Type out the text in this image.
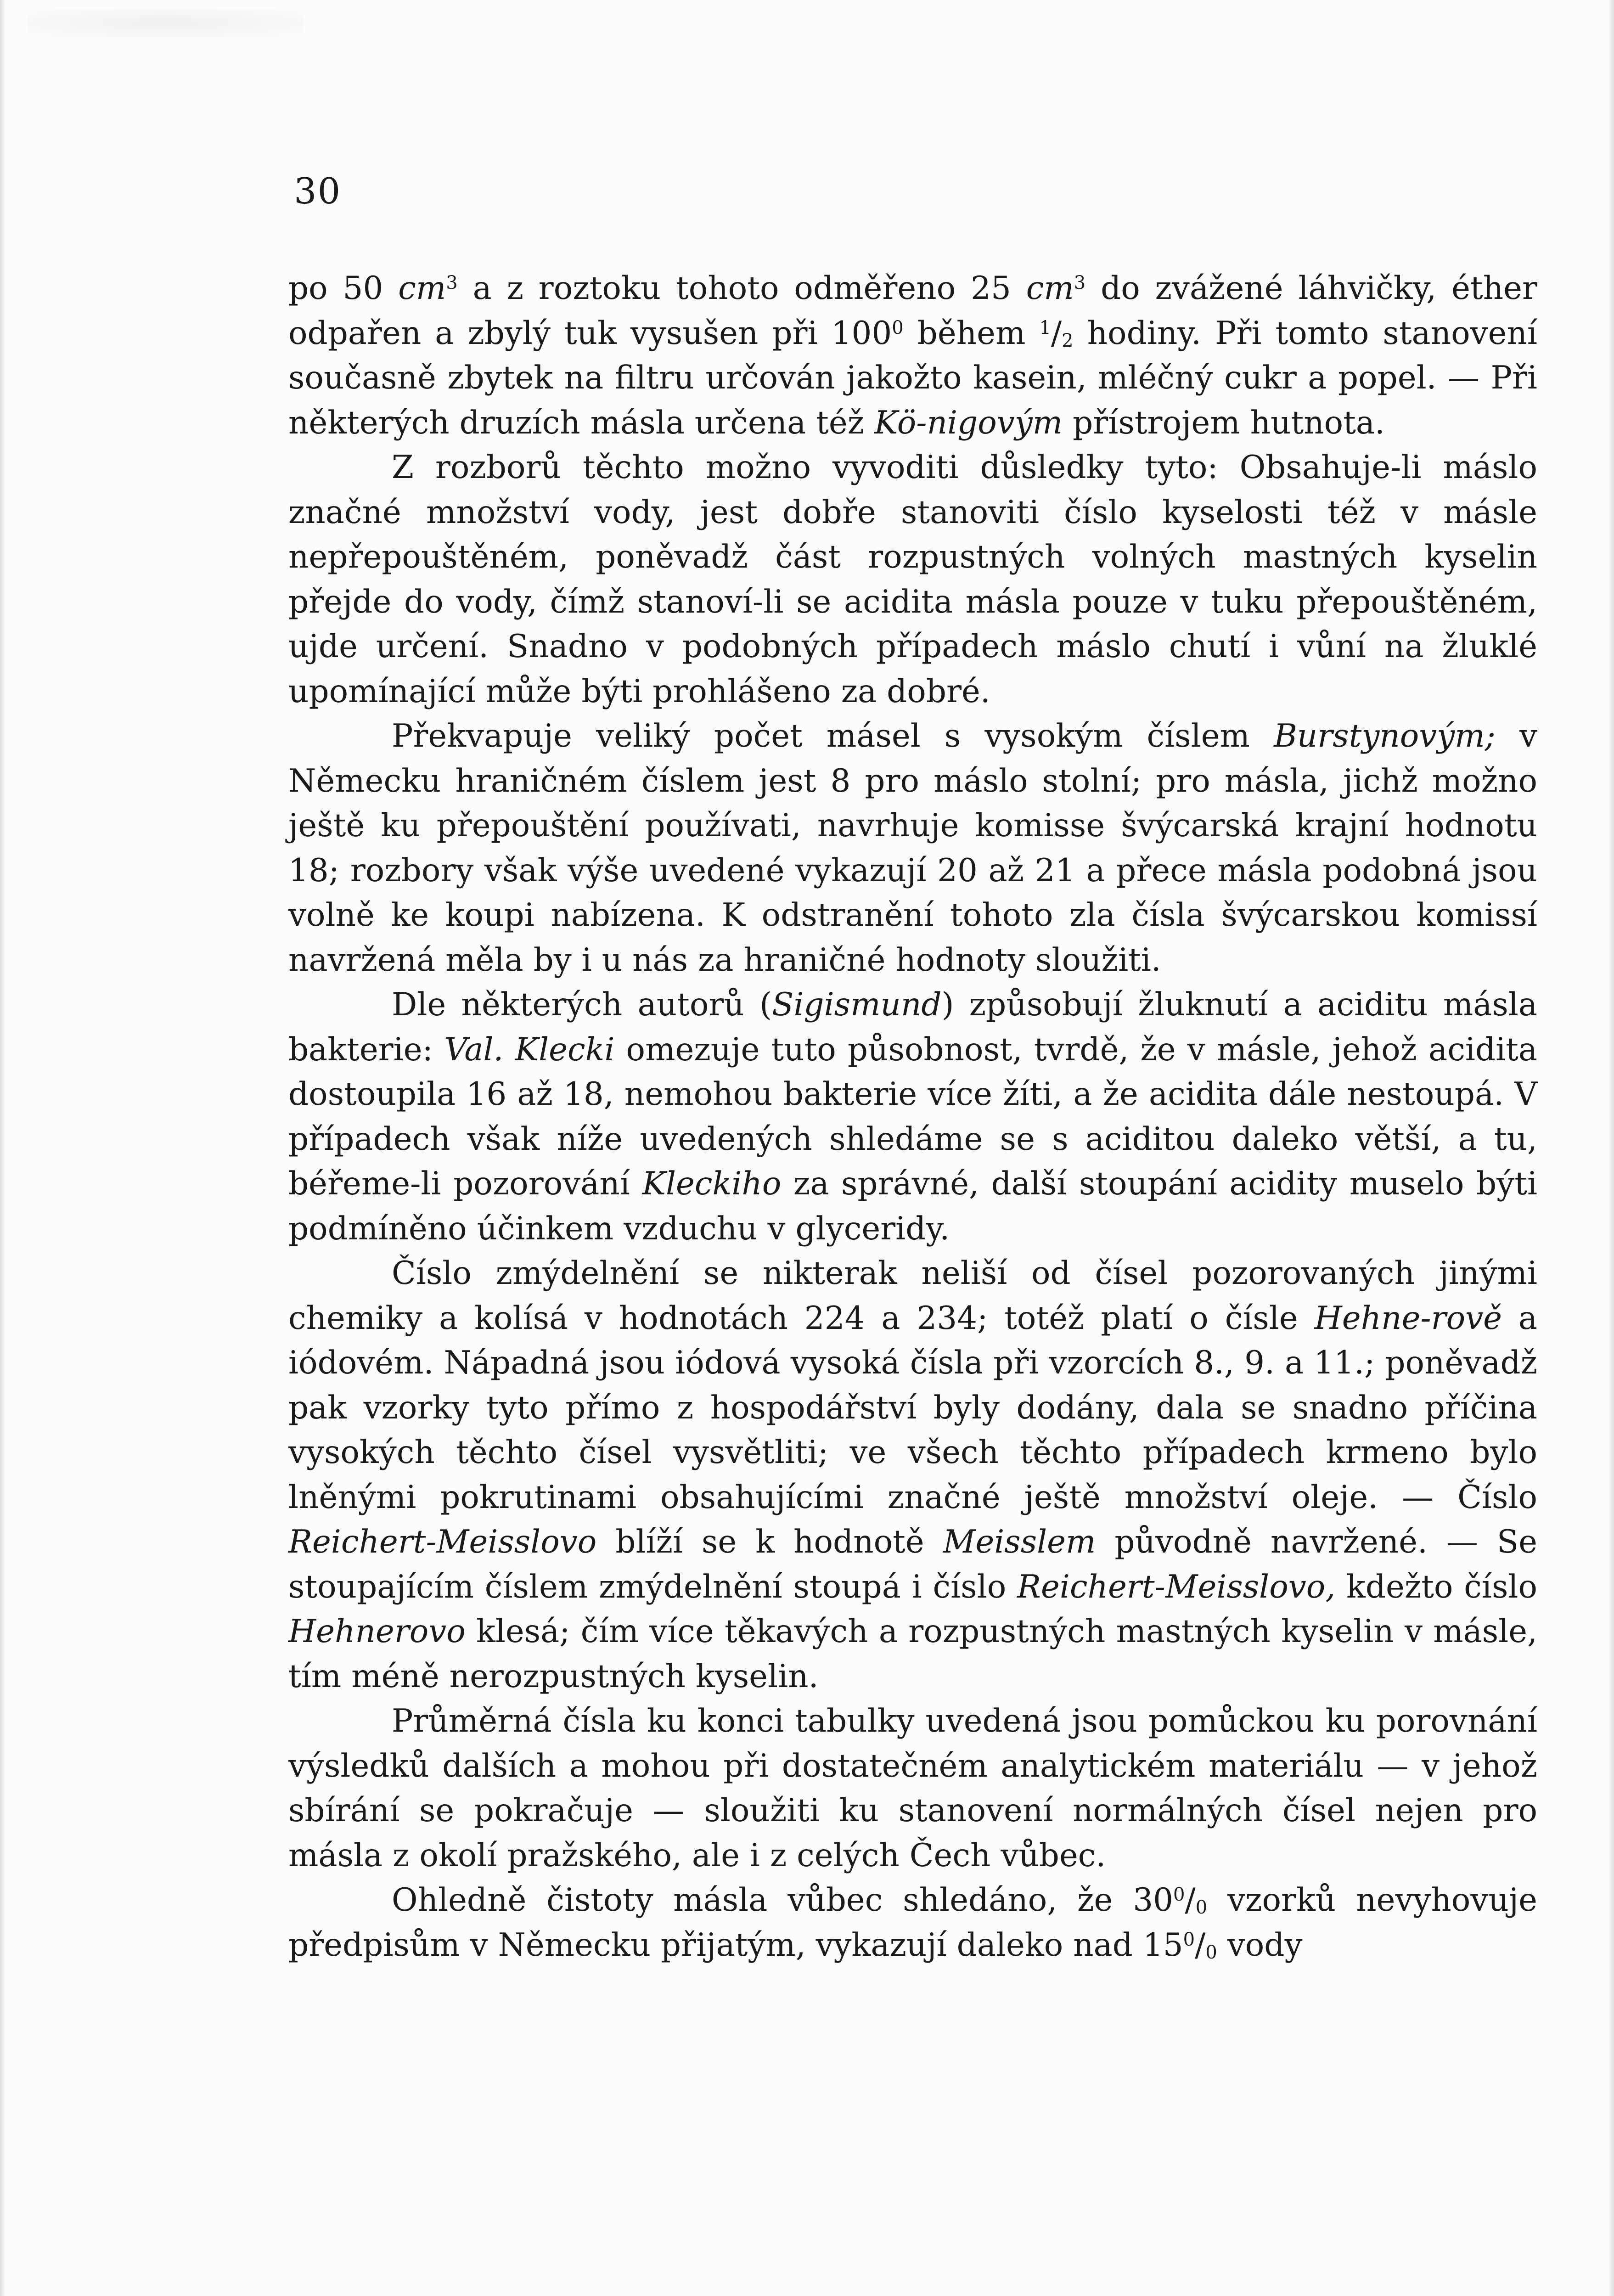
30

po 50 $cm^3$ a z roztoku tohoto odměřeno 25 $cm^3$ do zvážené láhvičky, éther odpařen a zbylý tuk vysušen při $100^0$ během $^1/_2$ hodiny. Při tomto stanovení současně zbytek na filtru určován jakožto kasein, mléčný cukr a popel. — Při některých druzích másla určena též Kö-nigovým přístrojem hutnota.

Z rozborů těchto možno vyvoditi důsledky tyto: Obsahuje-li máslo značné množství vody, jest dobře stanoviti číslo kyselosti též v másle nepřepouštěném, poněvadž část rozpustných volných mastných kyselin přejde do vody, čímž stanoví-li se acidita másla pouze v tuku přepouštěném, ujde určení. Snadno v podobných případech máslo chutí i vůní na žluklé upomínající může býti prohlášeno za dobré.

Překvapuje veliký počet másel s vysokým číslem Burstynovým; v Německu hraničném číslem jest 8 pro máslo stolní; pro másla, jichž možno ještě ku přepouštění používati, navrhuje komisse švýcarská krajní hodnotu 18; rozbory však výše uvedené vykazují 20 až 21 a přece másla podobná jsou volně ke koupi nabízena. K odstranění tohoto zla čísla švýcarskou komissí navržená měla by i u nás za hraničné hodnoty sloužiti.

Dle některých autorů (Sigismund) způsobují žluknutí a aciditu másla bakterie: Val. Klecki omezuje tuto působnost, tvrdě, že v másle, jehož acidita dostoupila 16 až 18, nemohou bakterie více žíti, a že acidita dále nestoupá. V případech však níže uvedených shledáme se s aciditou daleko větší, a tu, béřeme-li pozorování Kleckiho za správné, další stoupání acidity muselo býti podmíněno účinkem vzduchu v glyceridy.

Číslo zmýdelnění se nikterak neliší od čísel pozorovaných jinými chemiky a kolísá v hodnotách 224 a 234; totéž platí o čísle Hehne-rově a iódovém. Nápadná jsou iódová vysoká čísla při vzorcích 8., 9. a 11.; poněvadž pak vzorky tyto přímo z hospodářství byly dodány, dala se snadno příčina vysokých těchto čísel vysvětliti; ve všech těchto případech krmeno bylo lněnými pokrutinami obsahujícími značné ještě množství oleje. — Číslo Reichert-Meisslovo blíží se k hodnotě Meisslem původně navržené. — Se stoupajícím číslem zmýdelnění stoupá i číslo Reichert-Meisslovo, kdežto číslo Hehnerovo klesá; čím více těkavých a rozpustných mastných kyselin v másle, tím méně nerozpustných kyselin.

Průměrná čísla ku konci tabulky uvedená jsou pomůckou ku porovnání výsledků dalších a mohou při dostatečném analytickém materiálu — v jehož sbírání se pokračuje — sloužiti ku stanovení normálných čísel nejen pro másla z okolí pražského, ale i z celých Čech vůbec.

Ohledně čistoty másla vůbec shledáno, že $30^0/_0$ vzorků nevyhovuje předpisům v Německu přijatým, vykazují daleko nad $15^0/_0$ vody
